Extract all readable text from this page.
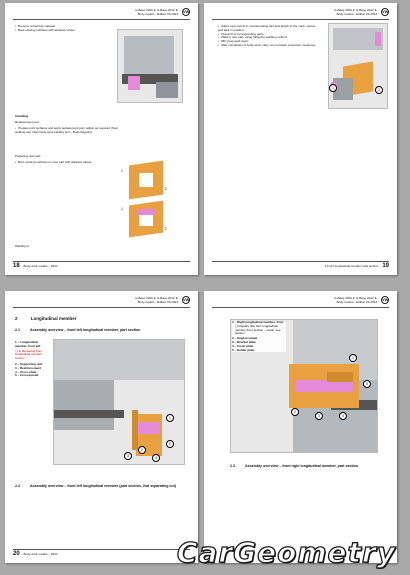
G-Base 2009 ➤ G-Base 2012 ➤
Body repairs - Edition 09.2024 VW
• Remove remaining material.
• Bare existing surfaces with abrasive wheel.
Installing
Replacement part:
• Prepare joint surfaces and apply replacement part, adjust as required (Spot welding tool. Determine spot welding tool – Body Repairs).
Preparing new part:
• Bare existing surfaces on new part with abrasive wheel.
1
2
1
2
Welding in:
18 Body work repairs – 2024
G-Base 2009 ➤ G-Base 2012 ➤
Body repairs - Edition 09.2024 VW
• Adjust new part fit to corresponding part and attach to the mark, secure and tack in position.
• Check fit of corresponding parts.
• Weld in new part, using following welding method.
• MIG plug weld seam
• After completion of body work, carry out corrosion protection measures.
1	2
1 Front longitudinal member side section 19
G-Base 2009 ➤ G-Base 2012 ➤
Body repairs - Edition 09.2024 VW
2	Longitudinal member
2.1	Assembly overview – front left longitudinal member, part section
1 – Longitudinal member, front left
❏ ➤ Renewing front longitudinal member section
2 – Supporting unit
3 – Reinforcement
4 – Cross plate
5 – Crossspread
1
2
3	4
5
2.2	Assembly overview – front left longitudinal member (part section, 2nd separating cut)
20 Body work repairs – 2024
G-Base 2009 ➤ G-Base 2012 ➤
Body repairs - Edition 09.2024 VW
1
2
3	4
5
1 – Right longitudinal member, front
❏ Repairs: EE, Ref. longitudinal member front section – repair, see section.
2 – Support panel
3 – Bracket plate
4 – Cover plate
5 – Holder plate
2.3	Assembly overview – front right longitudinal member, part section
CarGeometry
